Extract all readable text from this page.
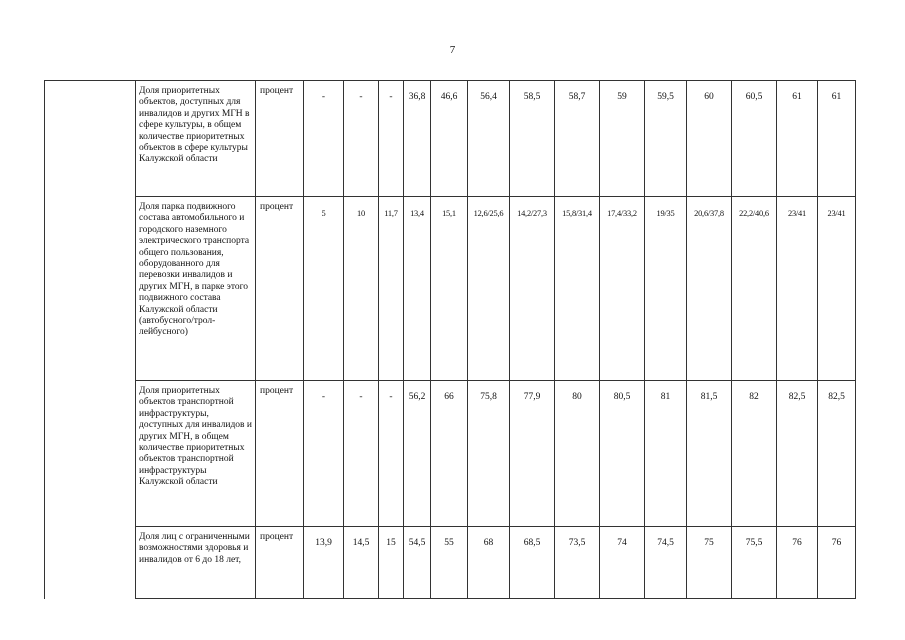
7
	Доля приоритетных объектов, доступных для инвалидов и других МГН в сфере культуры, в общем количестве приоритетных объектов в сфере культуры Калужской области	процент	-	-	-	36,8	46,6	56,4	58,5	58,7	59	59,5	60	60,5	61	61
	Доля парка подвижного состава автомобильного и городского наземного электрического транспорта общего пользования, оборудованного для перевозки инвалидов и других МГН, в парке этого подвижного состава Калужской области (автобусного/трол-лейбусного)	процент	5	10	11,7	13,4	15,1	12,6/25,6	14,2/27,3	15,8/31,4	17,4/33,2	19/35	20,6/37,8	22,2/40,6	23/41	23/41
	Доля приоритетных объектов транспортной инфраструктуры, доступных для инвалидов и других МГН, в общем количестве приоритетных объектов транспортной инфраструктуры Калужской области	процент	-	-	-	56,2	66	75,8	77,9	80	80,5	81	81,5	82	82,5	82,5
	Доля лиц с ограниченными возможностями здоровья и инвалидов от 6 до 18 лет,	процент	13,9	14,5	15	54,5	55	68	68,5	73,5	74	74,5	75	75,5	76	76
